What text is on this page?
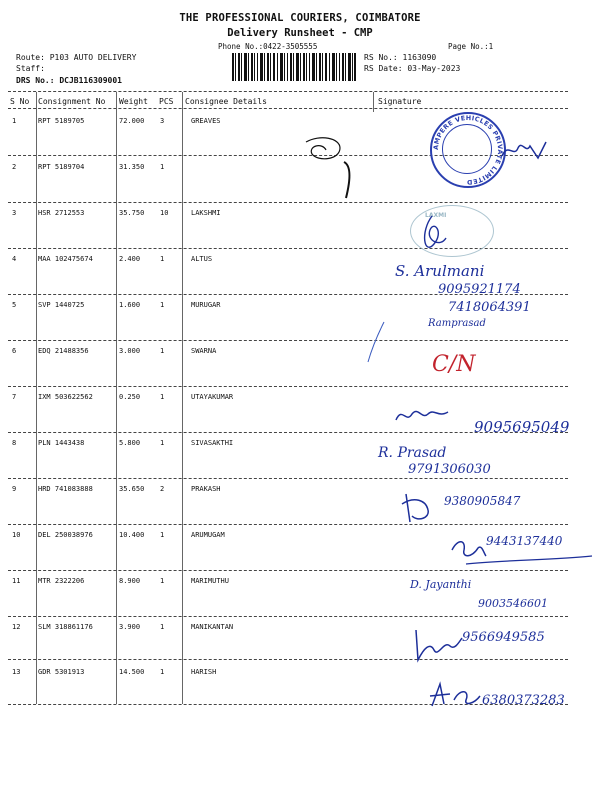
THE PROFESSIONAL COURIERS, COIMBATORE
Delivery Runsheet - CMP
Phone No.:0422-3505555	Page No.:1
Route: P103 AUTO DELIVERY
Staff:
DRS No.: DCJB116309001
RS No.: 1163090
RS Date: 03-May-2023
S No Consignment No Weight PCS Consignee Details	Signature
1	RPT 5189705	72.000 3	GREAVES
2	RPT 5189704	31.350 1
3	HSR 2712553	35.750 10	LAKSHMI
4	MAA 102475674	2.400	1	ALTUS
5	SVP 1440725	1.600	1	MURUGAR
6	EDQ 21488356	3.000	1	SWARNA
7	IXM 503622562	0.250	1	UTAYAKUMAR
8	PLN 1443438	5.800	1	SIVASAKTHI
9	HRD 741083888	35.650 2	PRAKASH
10	DEL 250038976	10.400 1	ARUMUGAM
11	MTR 2322206	8.900	1	MARIMUTHU
12	SLM 318861176	3.900	1	MANIKANTAN
13	GDR 5301913	14.500 1	HARISH
AMPERE VEHICLES PRIVATE LIMITED
LAXMI
S. Arulmani
9095921174
7418064391
Ramprasad
C/N
9095695049
R. Prasad
9791306030
9380905847
9443137440
D. Jayanthi
9003546601
9566949585
6380373283
